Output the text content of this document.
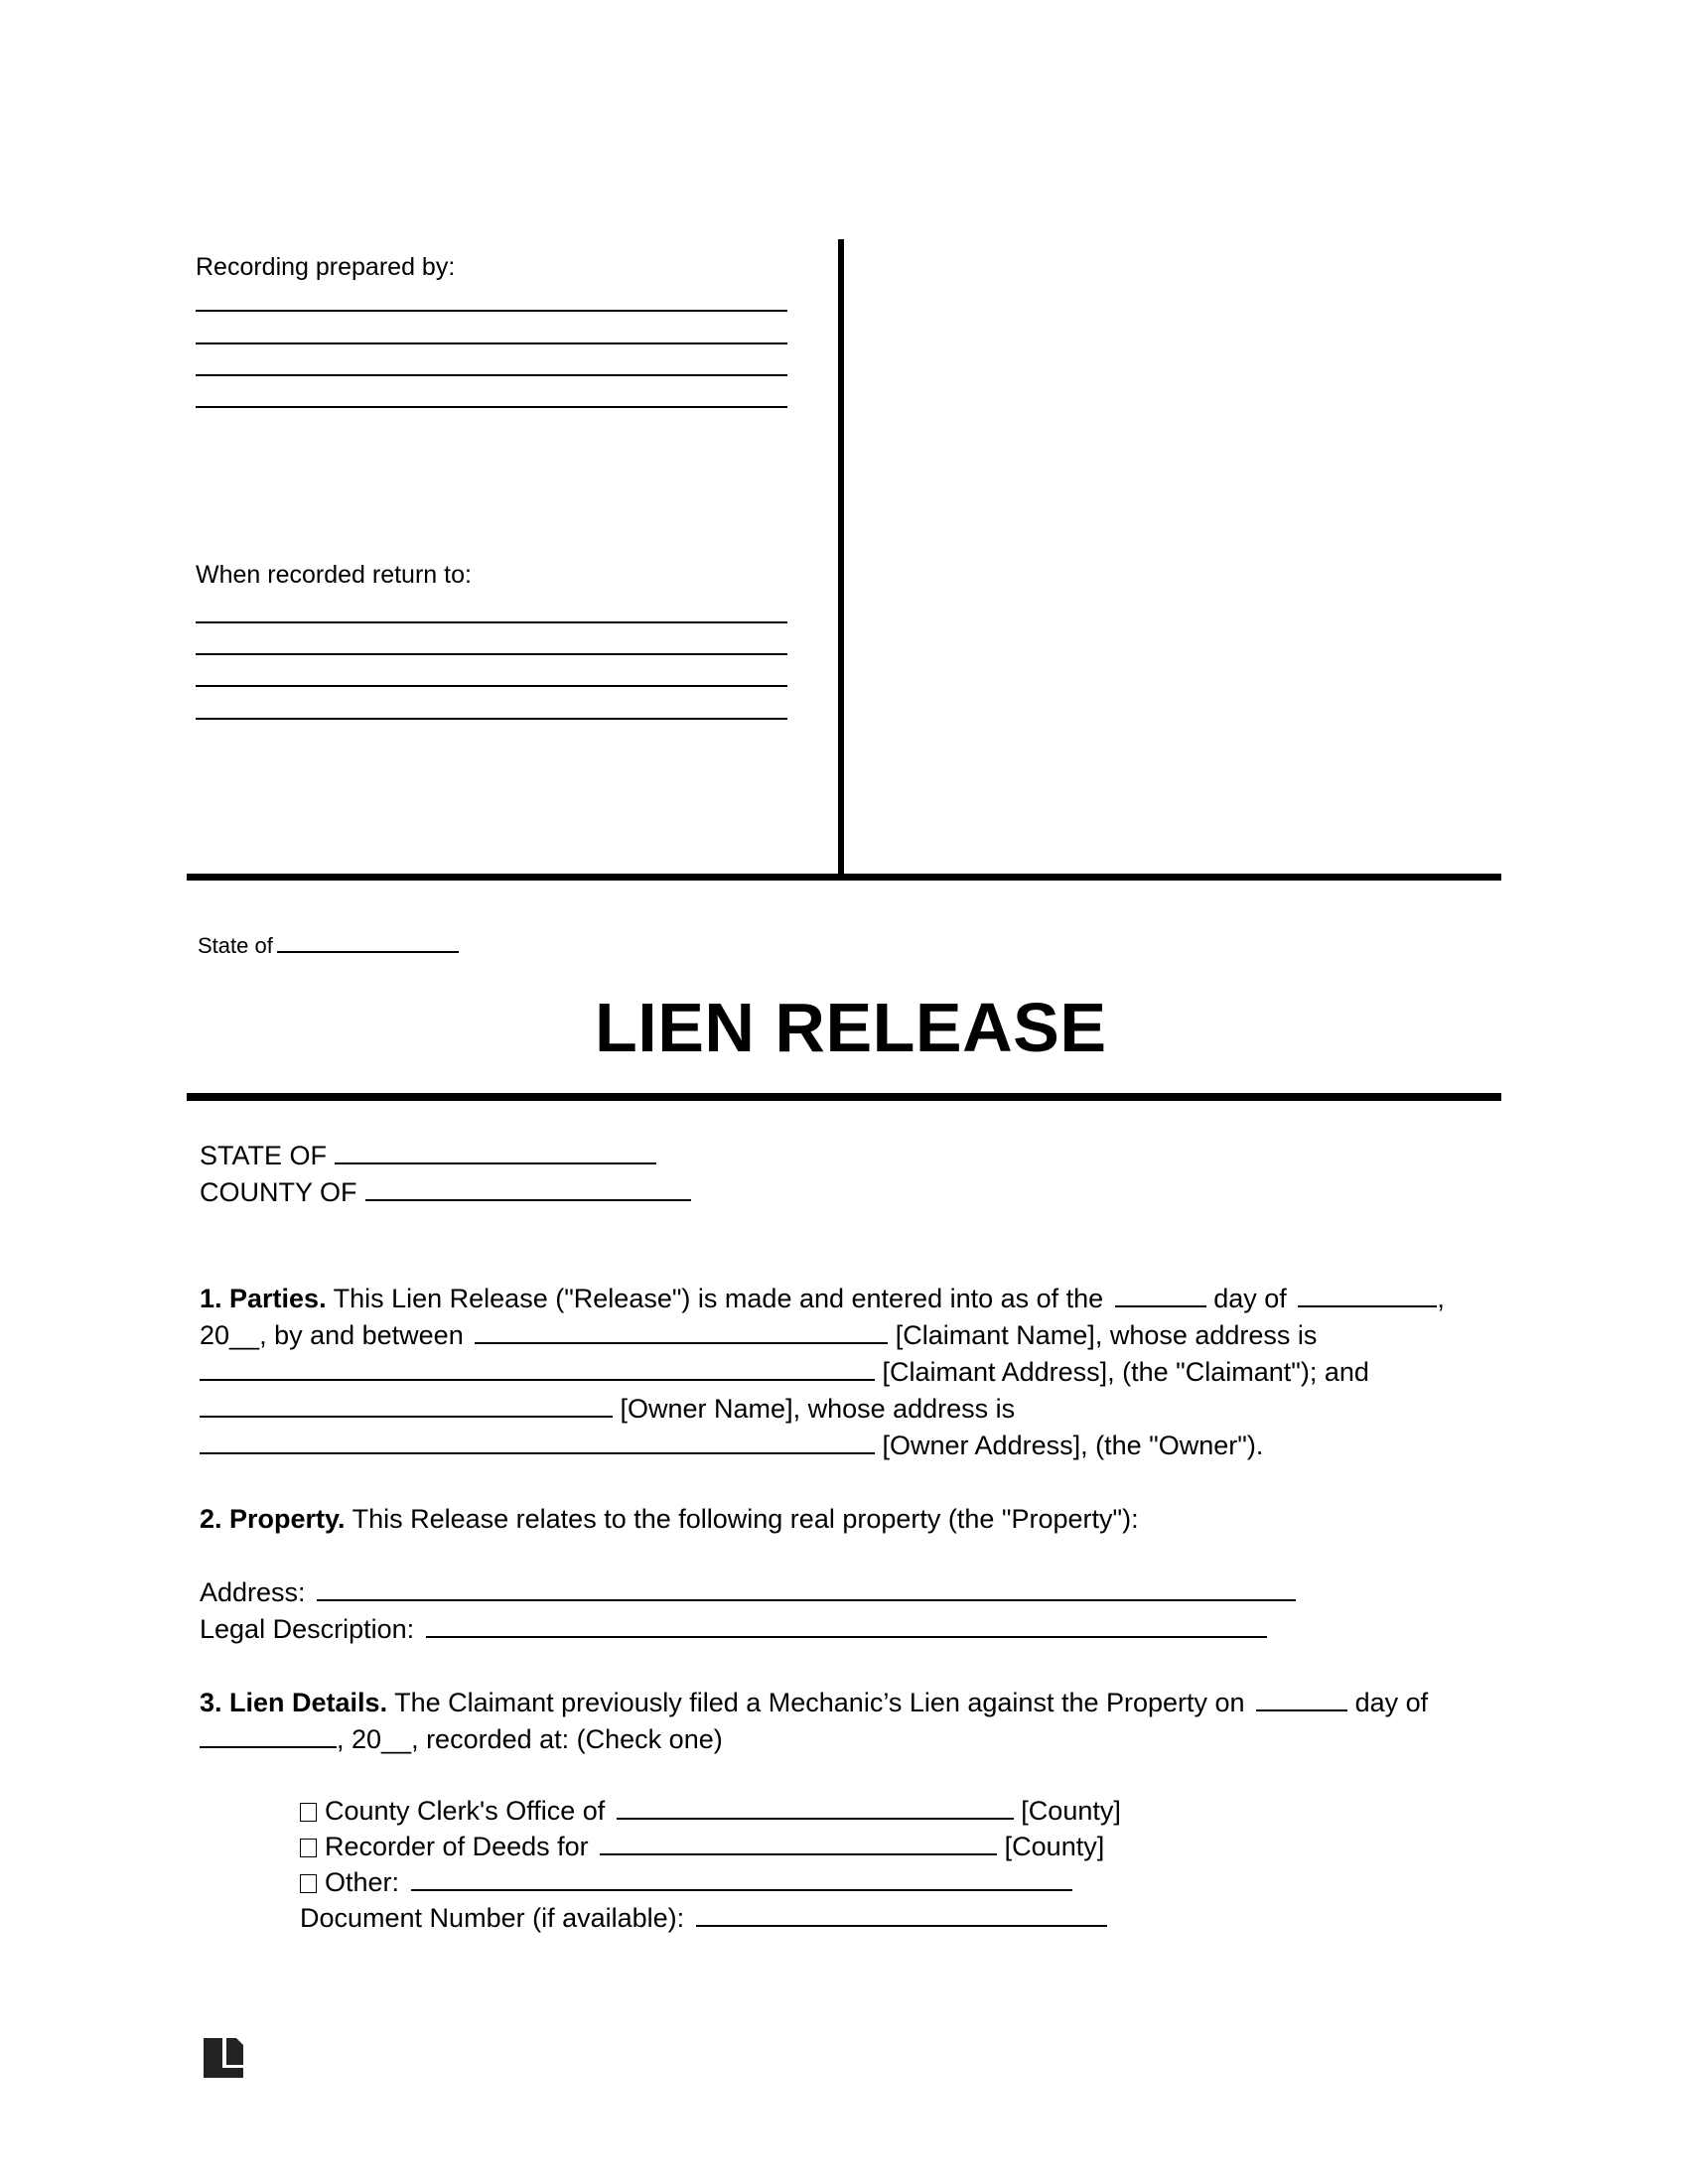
Recording prepared by:
When recorded return to:
State of
LIEN RELEASE
STATE OF
COUNTY OF
1. Parties. This Lien Release ("Release") is made and entered into as of the	day of	,
20__, by and between	[Claimant Name], whose address is
[Claimant Address], (the "Claimant"); and
[Owner Name], whose address is
[Owner Address], (the "Owner").
2. Property. This Release relates to the following real property (the "Property"):
Address:
Legal Description:
3. Lien Details. The Claimant previously filed a Mechanic’s Lien against the Property on	day of
, 20__, recorded at: (Check one)
County Clerk's Office of	[County]
Recorder of Deeds for	[County]
Other:
Document Number (if available):
